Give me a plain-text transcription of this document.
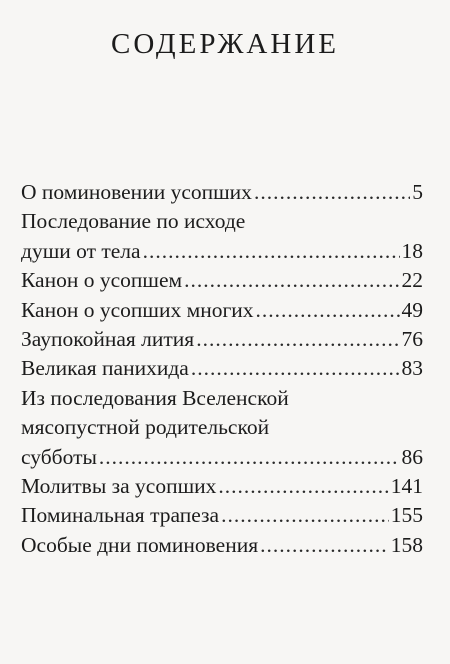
СОДЕРЖАНИЕ
О поминовении усопших .....	5
Последование по исходе
души от тела .....	18
Канон о усопшем .....	22
Канон о усопших многих .....	49
Заупокойная лития .....	76
Великая панихида .....	83
Из последования Вселенской
мясопустной родительской
субботы .....	86
Молитвы за усопших .....	141
Поминальная трапеза .....	155
Особые дни поминовения .....	158
